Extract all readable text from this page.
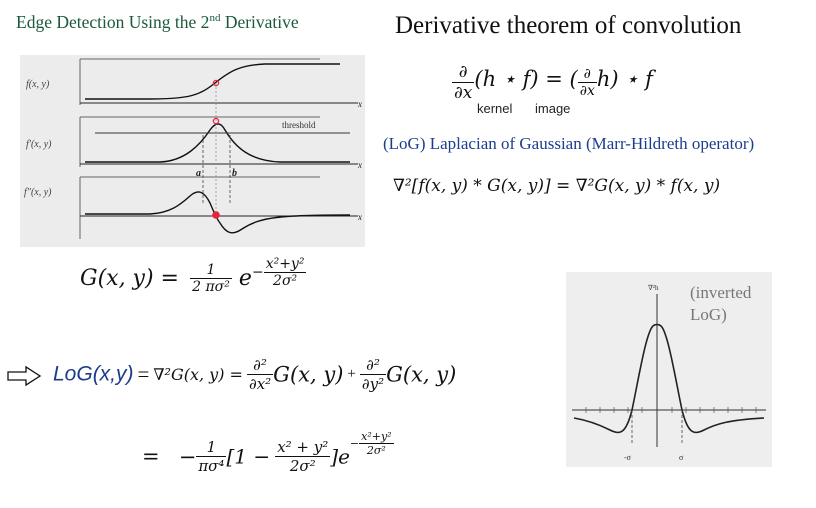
Edge Detection Using the 2nd Derivative	Derivative theorem of convolution
$\frac{\partial}{\partial x} (h$ ⋆ f) = ( $\frac{\partial}{\partial x} h$) ⋆ f
kernel image
(LoG) Laplacian of Gaussian (Marr-Hildreth operator)
∇²[f(x, y) * G(x, y)] = ∇²G(x, y) * f(x, y)
x
x
x
f(x, y)
f′(x, y)
f″(x, y)
threshold
a	b
G(x, $y) = \frac{1}{\text{2 πσ²}} e- \frac{\text{x²+y²}}{\text{2σ²}}$
LoG(x,y) = ∇²G(x, $y) = \frac{\text{∂²}}{\text{∂x²}} G(x$, $y) + \frac{\text{∂²}}{\text{∂y²}} G(x$, y)
= − $\frac{1}{\text{πσ⁴}} [1 - \frac{\text{x² + y²}}{\text{2σ²}} ]e- \frac{\text{x²+y²}}{\text{2σ²}}$
∇²h
-σ	σ
(inverted
LoG)
